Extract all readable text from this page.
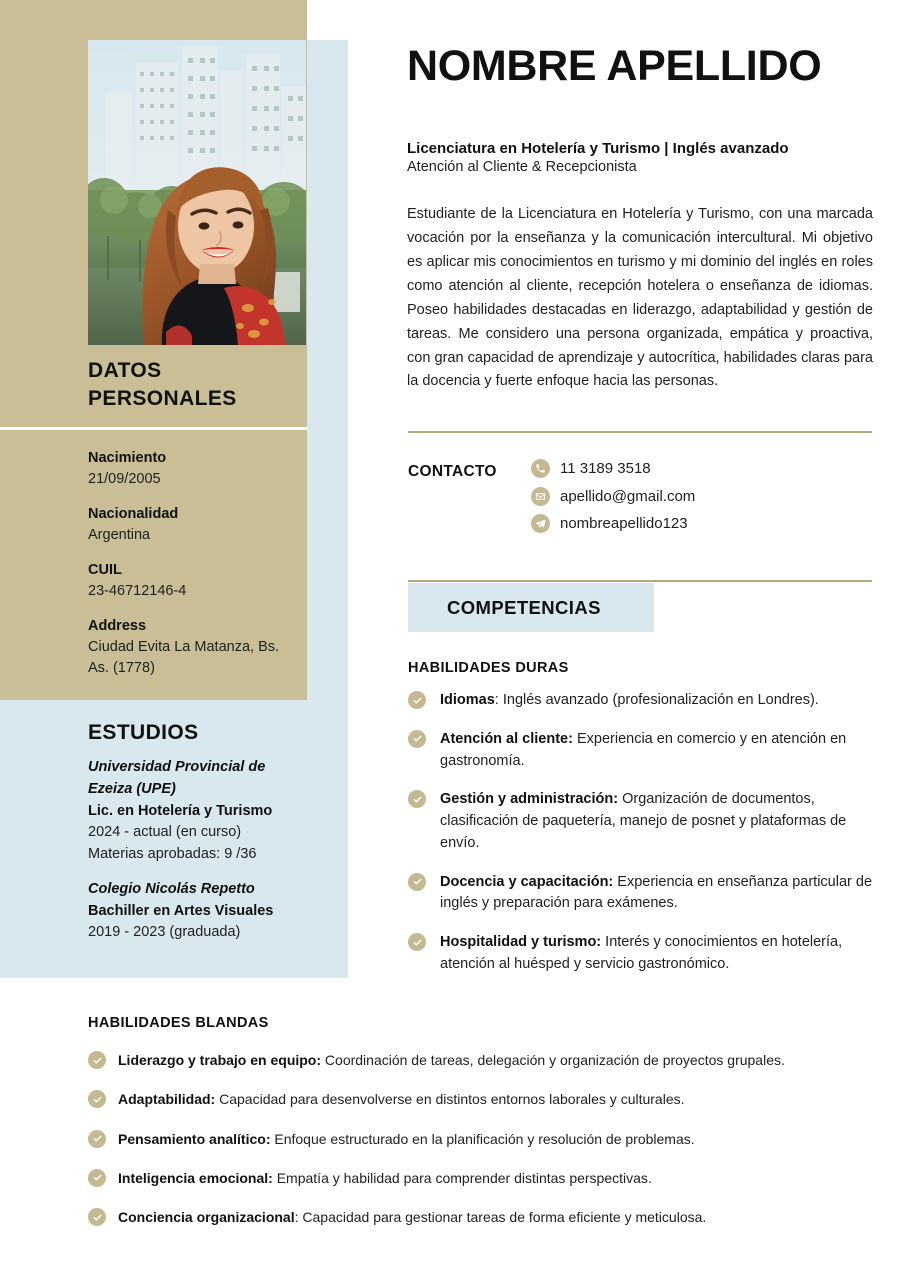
DATOS PERSONALES
Nacimiento
21/09/2005
Nacionalidad
Argentina
CUIL
23-46712146-4
Address
Ciudad Evita La Matanza, Bs. As. (1778)
ESTUDIOS
Universidad Provincial de Ezeiza (UPE)
Lic. en Hotelería y Turismo
2024 - actual (en curso)
Materias aprobadas: 9 /36
Colegio Nicolás Repetto
Bachiller en Artes Visuales
2019 - 2023 (graduada)
NOMBRE APELLIDO
Licenciatura en Hotelería y Turismo | Inglés avanzado
Atención al Cliente & Recepcionista
Estudiante de la Licenciatura en Hotelería y Turismo, con una marcada vocación por la enseñanza y la comunicación intercultural. Mi objetivo es aplicar mis conocimientos en turismo y mi dominio del inglés en roles como atención al cliente, recepción hotelera o enseñanza de idiomas. Poseo habilidades destacadas en liderazgo, adaptabilidad y gestión de tareas. Me considero una persona organizada, empática y proactiva, con gran capacidad de aprendizaje y autocrítica, habilidades claras para la docencia y fuerte enfoque hacia las personas.
CONTACTO	11 3189 3518
apellido@gmail.com
nombreapellido123
COMPETENCIAS
HABILIDADES DURAS
Idiomas: Inglés avanzado (profesionalización en Londres).
Atención al cliente: Experiencia en comercio y en atención en gastronomía.
Gestión y administración: Organización de documentos, clasificación de paquetería, manejo de posnet y plataformas de envío.
Docencia y capacitación: Experiencia en enseñanza particular de inglés y preparación para exámenes.
Hospitalidad y turismo: Interés y conocimientos en hotelería, atención al huésped y servicio gastronómico.
HABILIDADES BLANDAS
Liderazgo y trabajo en equipo: Coordinación de tareas, delegación y organización de proyectos grupales.
Adaptabilidad: Capacidad para desenvolverse en distintos entornos laborales y culturales.
Pensamiento analítico: Enfoque estructurado en la planificación y resolución de problemas.
Inteligencia emocional: Empatía y habilidad para comprender distintas perspectivas.
Conciencia organizacional: Capacidad para gestionar tareas de forma eficiente y meticulosa.
